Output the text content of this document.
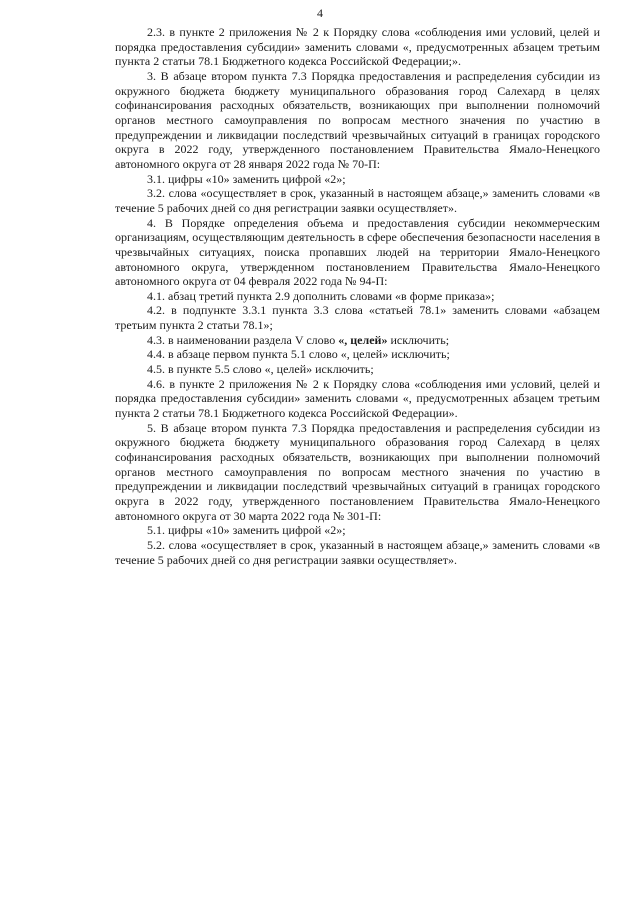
4

2.3. в пункте 2 приложения № 2 к Порядку слова «соблюдения ими условий, целей и порядка предоставления субсидии» заменить словами «, предусмотренных абзацем третьим пункта 2 статьи 78.1 Бюджетного кодекса Российской Федерации;».

3. В абзаце втором пункта 7.3 Порядка предоставления и распределения субсидии из окружного бюджета бюджету муниципального образования город Салехард в целях софинансирования расходных обязательств, возникающих при выполнении полномочий органов местного самоуправления по вопросам местного значения по участию в предупреждении и ликвидации последствий чрезвычайных ситуаций в границах городского округа в 2022 году, утвержденного постановлением Правительства Ямало-Ненецкого автономного округа от 28 января 2022 года № 70-П:

3.1. цифры «10» заменить цифрой «2»;

3.2. слова «осуществляет в срок, указанный в настоящем абзаце,» заменить словами «в течение 5 рабочих дней со дня регистрации заявки осуществляет».

4. В Порядке определения объема и предоставления субсидии некоммерческим организациям, осуществляющим деятельность в сфере обеспечения безопасности населения в чрезвычайных ситуациях, поиска пропавших людей на территории Ямало-Ненецкого автономного округа, утвержденном постановлением Правительства Ямало-Ненецкого автономного округа от 04 февраля 2022 года № 94-П:

4.1. абзац третий пункта 2.9 дополнить словами «в форме приказа»;

4.2. в подпункте 3.3.1 пункта 3.3 слова «статьей 78.1» заменить словами «абзацем третьим пункта 2 статьи 78.1»;

4.3. в наименовании раздела V слово «, целей» исключить;

4.4. в абзаце первом пункта 5.1 слово «, целей» исключить;

4.5. в пункте 5.5 слово «, целей» исключить;

4.6. в пункте 2 приложения № 2 к Порядку слова «соблюдения ими условий, целей и порядка предоставления субсидии» заменить словами «, предусмотренных абзацем третьим пункта 2 статьи 78.1 Бюджетного кодекса Российской Федерации».

5. В абзаце втором пункта 7.3 Порядка предоставления и распределения субсидии из окружного бюджета бюджету муниципального образования город Салехард в целях софинансирования расходных обязательств, возникающих при выполнении полномочий органов местного самоуправления по вопросам местного значения по участию в предупреждении и ликвидации последствий чрезвычайных ситуаций в границах городского округа в 2022 году, утвержденного постановлением Правительства Ямало-Ненецкого автономного округа от 30 марта 2022 года № 301-П:

5.1. цифры «10» заменить цифрой «2»;

5.2. слова «осуществляет в срок, указанный в настоящем абзаце,» заменить словами «в течение 5 рабочих дней со дня регистрации заявки осуществляет».
